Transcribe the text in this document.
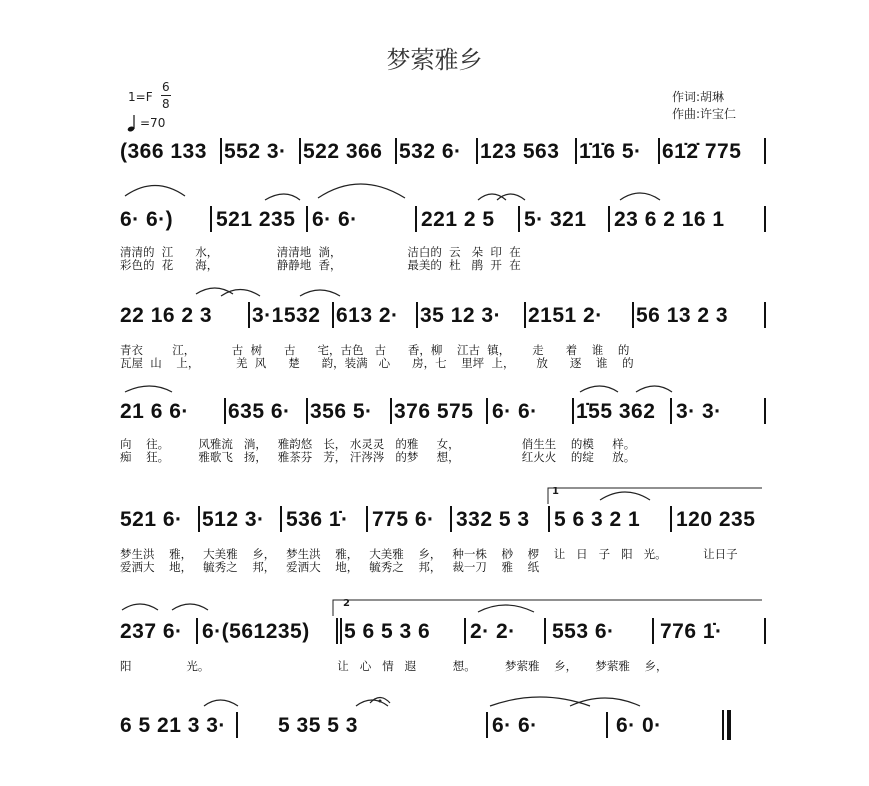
梦萦雅乡
1=F
6
8
=70
作词:胡琳
作曲:许宝仁
(366 133 552 3· 522 366 532 6· 123 563 1̇1̇6 5· 61̇2̇ 775
6· 6·) 521 235 6· 6·	221 2 5 5· 321 23 6 2 16 1
清清的  江      水，                清清地  淌，                  洁白的  云   朵  印  在
彩色的  花      海，                静静地  香，                  最美的  杜   鹃  开  在
22 16 2 3 3·1532 613 2· 35 12 3· 2151 2· 56 13 2 3
青衣        江，          古  树      古      宅，古色   古      香，柳    江古  镇，      走      着    谁    的
瓦屋  山    上，          羌  风      楚      韵，装满   心      房，七    里坪  上，      放      逐    谁    的
21 6 6· 635 6· 356 5· 376 575 6· 6· 1̇55 362 3· 3·
向    往。        风雅流   淌，   雅韵悠   长， 水灵灵   的雅     女，                 俏生生    的模     样。
痴    狂。        雅歌飞   扬，   雅茶芬   芳， 汗涔涔   的梦     想，                 红火火    的绽     放。
521 6· 512 3· 536 1̇· 775 6· 332 5 3 5 6 3 2 1 120 235
1
梦生洪    雅，   大美雅    乡，   梦生洪    雅，   大美雅    乡，   种一株    桫    椤    让   日   子   阳   光。          让日子
爱洒大    地，   毓秀之    邦，   爱洒大    地，   毓秀之    邦，   裁一刀    雅    纸
237 6· 6·(561235) 5 6 5 3 6 2· 2· 553 6· 776 1̇·
2
阳               光。                                   让   心   情   遐          想。        梦萦雅    乡，     梦萦雅    乡，
6 5 21 3 3· 5 35 5 3	6· 6·	6· 0·
